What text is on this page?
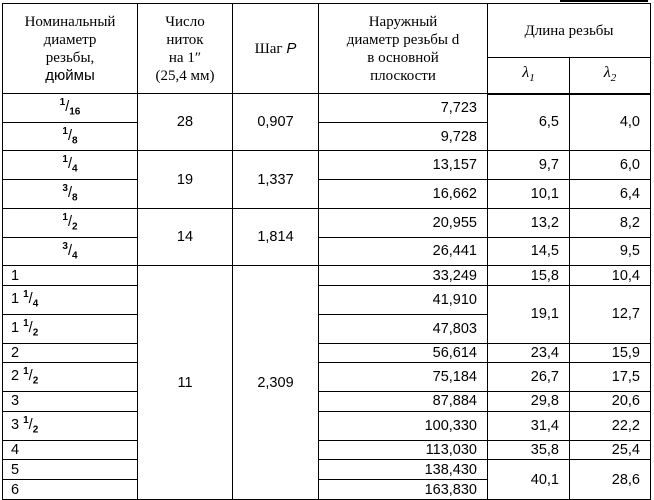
Номинальный
диаметр
резьбы,
дюймы	Число
ниток
на 1″
(25,4 мм)	Шаг P	Наружный
диаметр резьбы d
в основной
плоскости	Длина резьбы	
				$\lambda_1$	$\lambda_2$
$^1/_{16}$	28	0,907	7,723	6,5	4,0
$^1/_8$			9,728		
$^1/_4$	19	1,337	13,157	9,7	6,0
$^3/_8$			16,662	10,1	6,4
$^1/_2$	14	1,814	20,955	13,2	8,2
$^3/_4$			26,441	14,5	9,5
1	11	2,309	33,249	15,8	10,4
1 $^1/_4$			41,910	19,1	12,7
1 $^1/_2$			47,803		
2			56,614	23,4	15,9
2 $^1/_2$			75,184	26,7	17,5
3			87,884	29,8	20,6
3 $^1/_2$			100,330	31,4	22,2
4			113,030	35,8	25,4
5			138,430	40,1	28,6
6			163,830		
